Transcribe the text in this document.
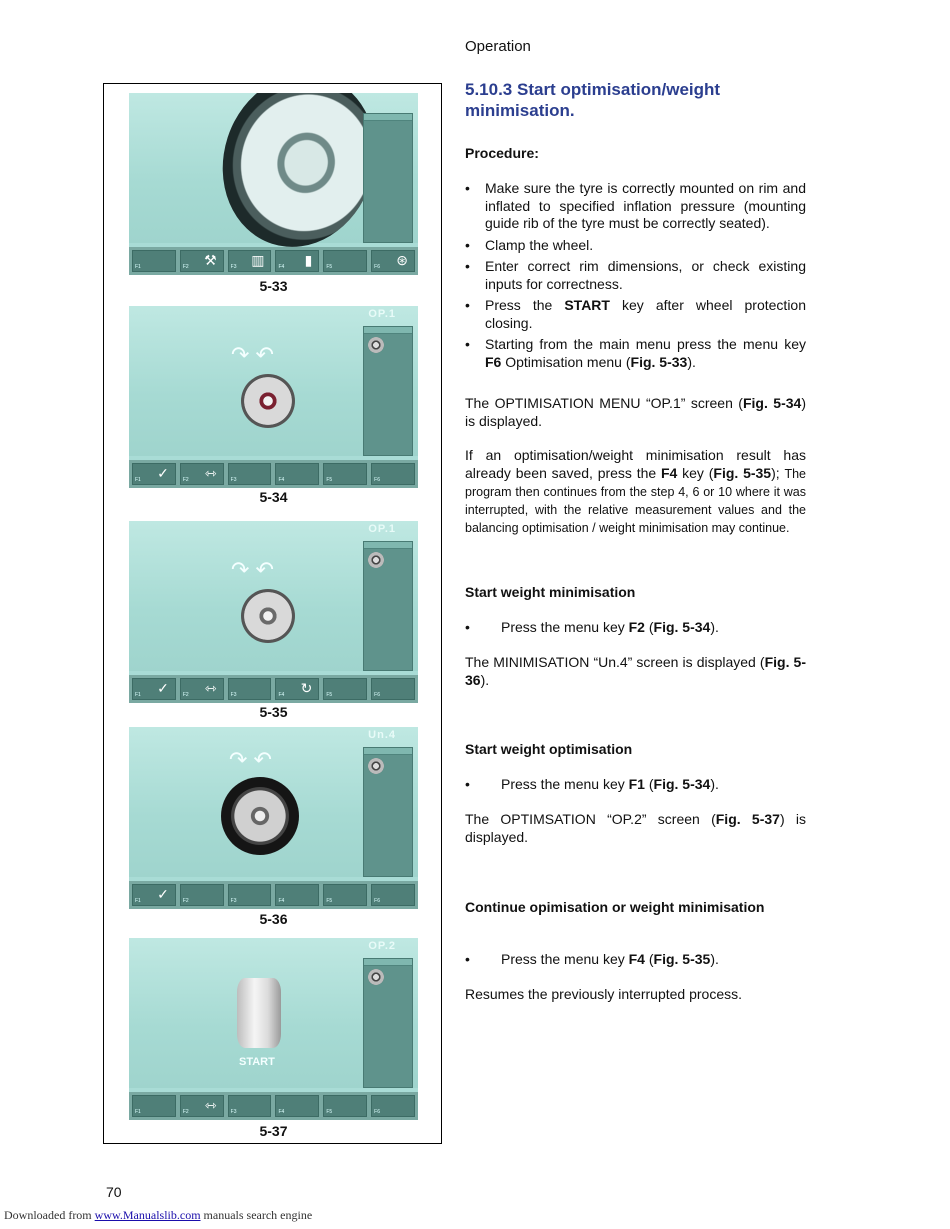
Operation
F1	F2 ⚒	F3 ▥	F4 ▮	F5	F6 ⊛
5-33
OP.1
↷ ↶
F1 ✓	F2 ⇿	F3	F4	F5	F6
5-34
OP.1
↷ ↶
F1 ✓	F2 ⇿	F3	F4 ↻	F5	F6
5-35
Un.4
↷ ↶
F1 ✓	F2	F3	F4	F5	F6
5-36
OP.2
START
F1	F2 ⇿	F3	F4	F5	F6
5-37
5.10.3 Start optimisation/weight minimisation.
Procedure:
• Make sure the tyre is correctly mounted on rim and inflated to specified inflation pressure (mounting guide rib of the tyre must be correctly seated).
• Clamp the wheel.
• Enter correct rim dimensions, or check existing inputs for correctness.
• Press the START key after wheel protection closing.
• Starting from the main menu press the menu key F6 Optimisation menu (Fig. 5-33).
The OPTIMISATION MENU “OP.1” screen (Fig. 5-34) is displayed.
If an optimisation/weight minimisation result has already been saved, press the F4 key (Fig. 5-35); The program then continues from the step 4, 6 or 10 where it was interrupted, with the relative measurement values and the balancing optimisation / weight minimisation may continue.
Start weight minimisation
• Press the menu key F2 (Fig. 5-34).
The MINIMISATION “Un.4” screen is displayed (Fig. 5-36).
Start weight optimisation
• Press the menu key F1 (Fig. 5-34).
The OPTIMSATION “OP.2” screen (Fig. 5-37) is displayed.
Continue opimisation or weight minimisation
• Press the menu key F4 (Fig. 5-35).
Resumes the previously interrupted process.
70
Downloaded from www.Manualslib.com manuals search engine
